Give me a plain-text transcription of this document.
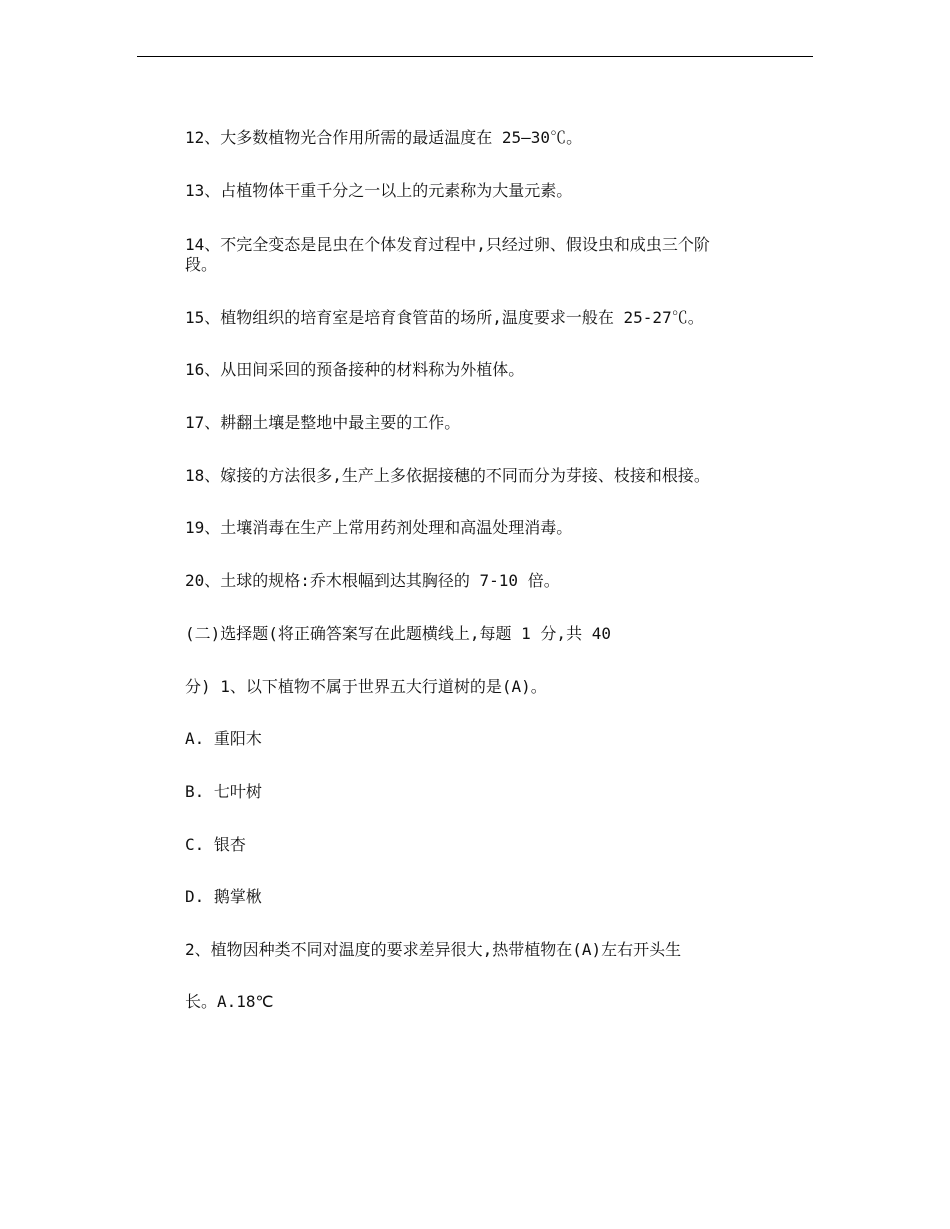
12、大多数植物光合作用所需的最适温度在 25—30℃。
13、占植物体干重千分之一以上的元素称为大量元素。
14、不完全变态是昆虫在个体发育过程中,只经过卵、假设虫和成虫三个阶
段。
15、植物组织的培育室是培育食管苗的场所,温度要求一般在 25-27℃。
16、从田间采回的预备接种的材料称为外植体。
17、耕翻土壤是整地中最主要的工作。
18、嫁接的方法很多,生产上多依据接穗的不同而分为芽接、枝接和根接。
19、土壤消毒在生产上常用药剂处理和高温处理消毒。
20、土球的规格:乔木根幅到达其胸径的 7-10 倍。
(二)选择题(将正确答案写在此题横线上,每题 1 分,共 40
分) 1、以下植物不属于世界五大行道树的是(A)。
A. 重阳木
B. 七叶树
C. 银杏
D. 鹅掌楸
2、植物因种类不同对温度的要求差异很大,热带植物在(A)左右开头生
长。A.18℃
